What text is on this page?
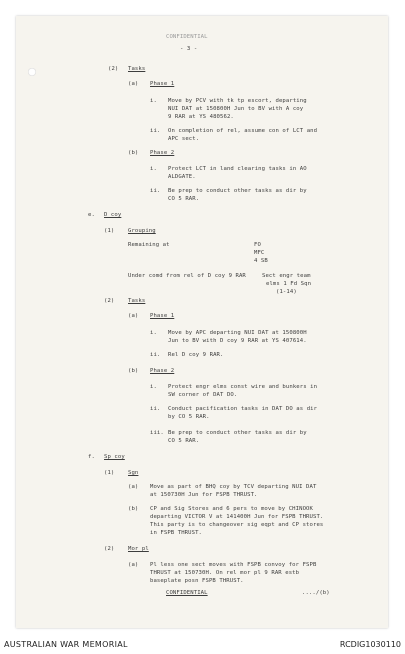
CONFIDENTIAL
- 3 -
(2) Tasks
(a) Phase 1
i. Move by PCV with tk tp escort, departing
NUI DAT at 150800H Jun to BV with A coy
9 RAR at YS 480562.
ii. On completion of rel, assume con of LCT and
APC sect.
(b) Phase 2
i. Protect LCT in land clearing tasks in AO
ALDGATE.
ii. Be prep to conduct other tasks as dir by
CO 5 RAR.
e. D coy
(1) Grouping
Remaining at	FO
MFC
4 SB
Under comd from rel of D coy 9 RAR	Sect engr team
elms 1 Fd Sqn
(1-14)
(2) Tasks
(a) Phase 1
i. Move by APC departing NUI DAT at 150800H
Jun to BV with D coy 9 RAR at YS 407614.
ii. Rel D coy 9 RAR.
(b) Phase 2
i. Protect engr elms const wire and bunkers in
SW corner of DAT DO.
ii. Conduct pacification tasks in DAT DO as dir
by CO 5 RAR.
iii. Be prep to conduct other tasks as dir by
CO 5 RAR.
f. Sp coy
(1) Sgn
(a) Move as part of BHQ coy by TCV departing NUI DAT
at 150730H Jun for FSPB THRUST.
(b) CP and Sig Stores and 6 pers to move by CHINOOK
departing VICTOR V at 141400H Jun for FSPB THRUST.
This party is to changeover sig eqpt and CP stores
in FSPB THRUST.
(2) Mor pl
(a) Pl less one sect moves with FSPB convoy for FSPB
THRUST at 150730H. On rel mor pl 9 RAR estb
baseplate posn FSPB THRUST.
CONFIDENTIAL	..../(b)
AUSTRALIAN WAR MEMORIAL	RCDIG1030110
